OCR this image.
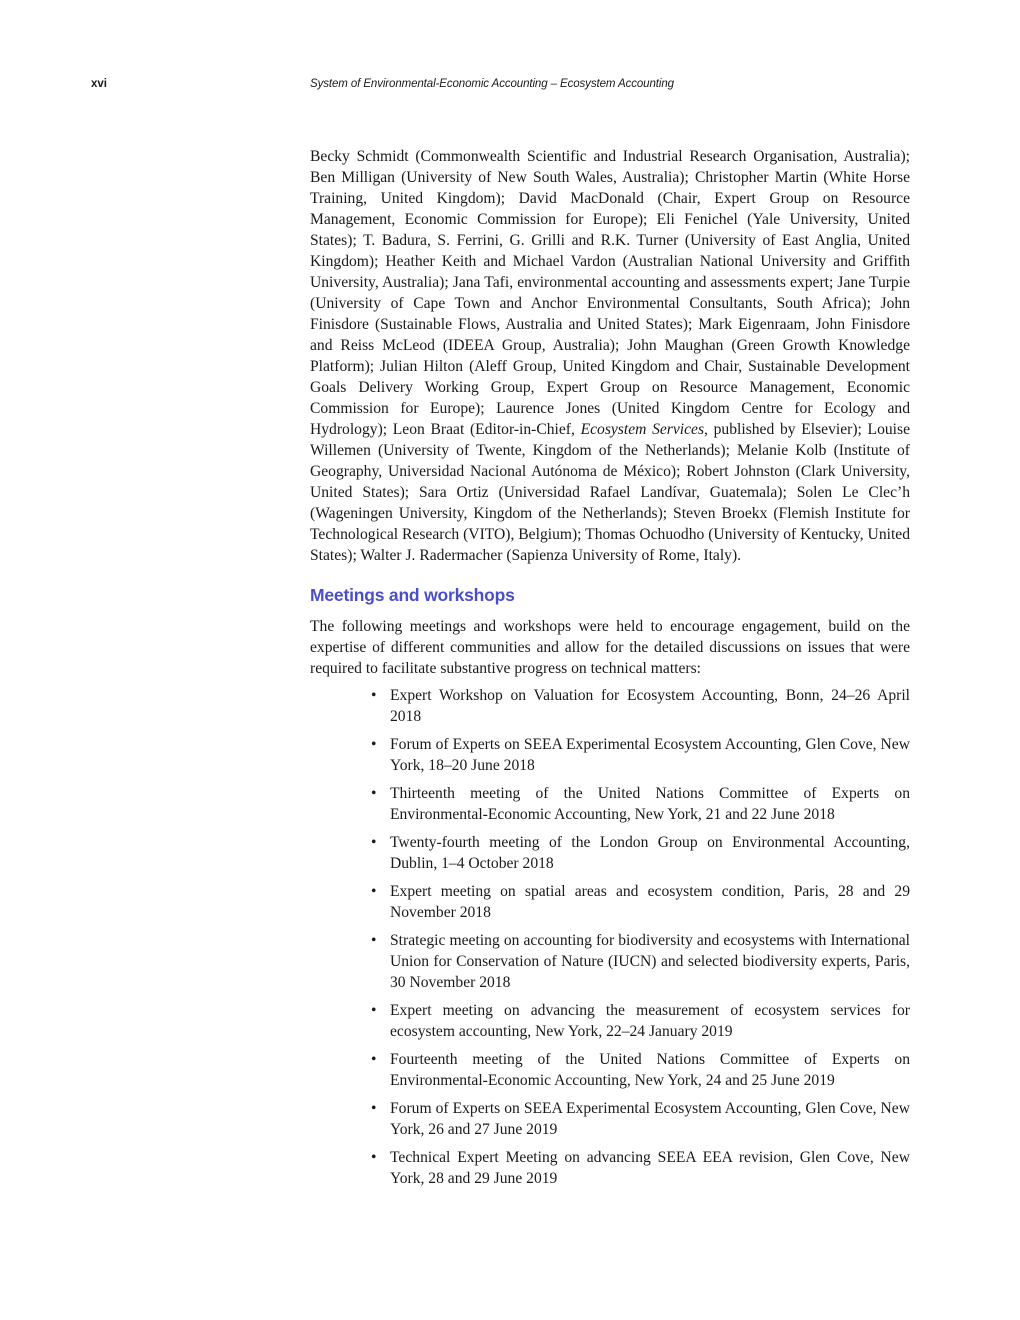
xvi	System of Environmental-Economic Accounting – Ecosystem Accounting

Becky Schmidt (Commonwealth Scientific and Industrial Research Organisation, Australia); Ben Milligan (University of New South Wales, Australia); Christopher Martin (White Horse Training, United Kingdom); David MacDonald (Chair, Expert Group on Resource Management, Economic Commission for Europe); Eli Fenichel (Yale University, United States); T. Badura, S. Ferrini, G. Grilli and R.K. Turner (University of East Anglia, United Kingdom); Heather Keith and Michael Vardon (Australian National University and Griffith University, Australia); Jana Tafi, environmental accounting and assessments expert; Jane Turpie (University of Cape Town and Anchor Environmental Consultants, South Africa); John Finisdore (Sustainable Flows, Australia and United States); Mark Eigenraam, John Finisdore and Reiss McLeod (IDEEA Group, Australia); John Maughan (Green Growth Knowledge Platform); Julian Hilton (Aleff Group, United Kingdom and Chair, Sustainable Development Goals Delivery Working Group, Expert Group on Resource Management, Economic Commission for Europe); Laurence Jones (United Kingdom Centre for Ecology and Hydrology); Leon Braat (Editor-in-Chief, Ecosystem Services, published by Elsevier); Louise Willemen (University of Twente, Kingdom of the Netherlands); Melanie Kolb (Institute of Geography, Universidad Nacional Autónoma de México); Robert Johnston (Clark University, United States); Sara Ortiz (Universidad Rafael Landívar, Guatemala); Solen Le Clec’h (Wageningen University, Kingdom of the Netherlands); Steven Broekx (Flemish Institute for Technological Research (VITO), Belgium); Thomas Ochuodho (University of Kentucky, United States); Walter J. Radermacher (Sapienza University of Rome, Italy).

Meetings and workshops

The following meetings and workshops were held to encourage engagement, build on the expertise of different communities and allow for the detailed discussions on issues that were required to facilitate substantive progress on technical matters:

• Expert Workshop on Valuation for Ecosystem Accounting, Bonn, 24–26 April 2018
• Forum of Experts on SEEA Experimental Ecosystem Accounting, Glen Cove, New York, 18–20 June 2018
• Thirteenth meeting of the United Nations Committee of Experts on Environmental-Economic Accounting, New York, 21 and 22 June 2018
• Twenty-fourth meeting of the London Group on Environmental Accounting, Dublin, 1–4 October 2018
• Expert meeting on spatial areas and ecosystem condition, Paris, 28 and 29 November 2018
• Strategic meeting on accounting for biodiversity and ecosystems with International Union for Conservation of Nature (IUCN) and selected biodiversity experts, Paris, 30 November 2018
• Expert meeting on advancing the measurement of ecosystem services for ecosystem accounting, New York, 22–24 January 2019
• Fourteenth meeting of the United Nations Committee of Experts on Environmental-Economic Accounting, New York, 24 and 25 June 2019
• Forum of Experts on SEEA Experimental Ecosystem Accounting, Glen Cove, New York, 26 and 27 June 2019
• Technical Expert Meeting on advancing SEEA EEA revision, Glen Cove, New York, 28 and 29 June 2019
